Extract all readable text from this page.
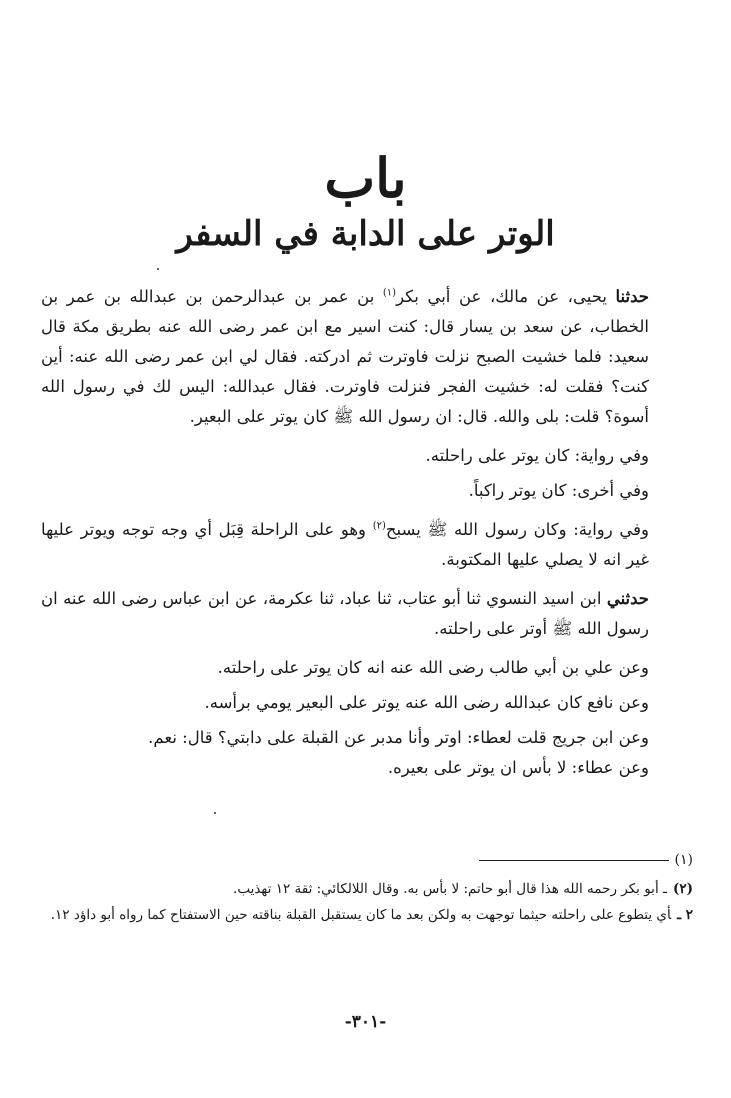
باب
الوتر على الدابة في السفر

حدثنا يحيى، عن مالك، عن أبي بكر$^{(١)}$ بن عمر بن عبدالرحمن بن عبدالله بن عمر بن الخطاب، عن سعد بن يسار قال: كنت اسير مع ابن عمر رضى الله عنه بطريق مكة قال سعيد: فلما خشيت الصبح نزلت فاوترت ثم ادركته. فقال لي ابن عمر رضى الله عنه: أين كنت؟ فقلت له: خشيت الفجر فنزلت فاوترت. فقال عبدالله: اليس لك في رسول الله أسوة؟ قلت: بلى والله. قال: ان رسول الله ﷺ كان يوتر على البعير.

وفي رواية: كان يوتر على راحلته.

وفي أخرى: كان يوتر راكباً.

وفي رواية: وكان رسول الله ﷺ يسبح$^{(٢)}$ وهو على الراحلة قِبَل أي وجه توجه ويوتر عليها غير انه لا يصلي عليها المكتوبة.

حدثني ابن اسيد النسوي ثنا أبو عتاب، ثنا عباد، ثنا عكرمة، عن ابن عباس رضى الله عنه ان رسول الله ﷺ أوتر على راحلته.

وعن علي بن أبي طالب رضى الله عنه انه كان يوتر على راحلته.

وعن نافع كان عبدالله رضى الله عنه يوتر على البعير يومي برأسه.

وعن ابن جريج قلت لعطاء: اوتر وأنا مدبر عن القبلة على دابتي؟ قال: نعم.

وعن عطاء: لا بأس ان يوتر على بعيره.

(١)

(٢)ـ أبو بكر رحمه الله هذا قال أبو حاتم: لا بأس به. وقال اللالكائي: ثقة ١٢ تهذيب.

٢ ـأي يتطوع على راحلته حيثما توجهت به ولكن بعد ما كان يستقبل القبلة بناقته حين الاستفتاح كما رواه أبو داؤد ١٢.

-٣٠١-
